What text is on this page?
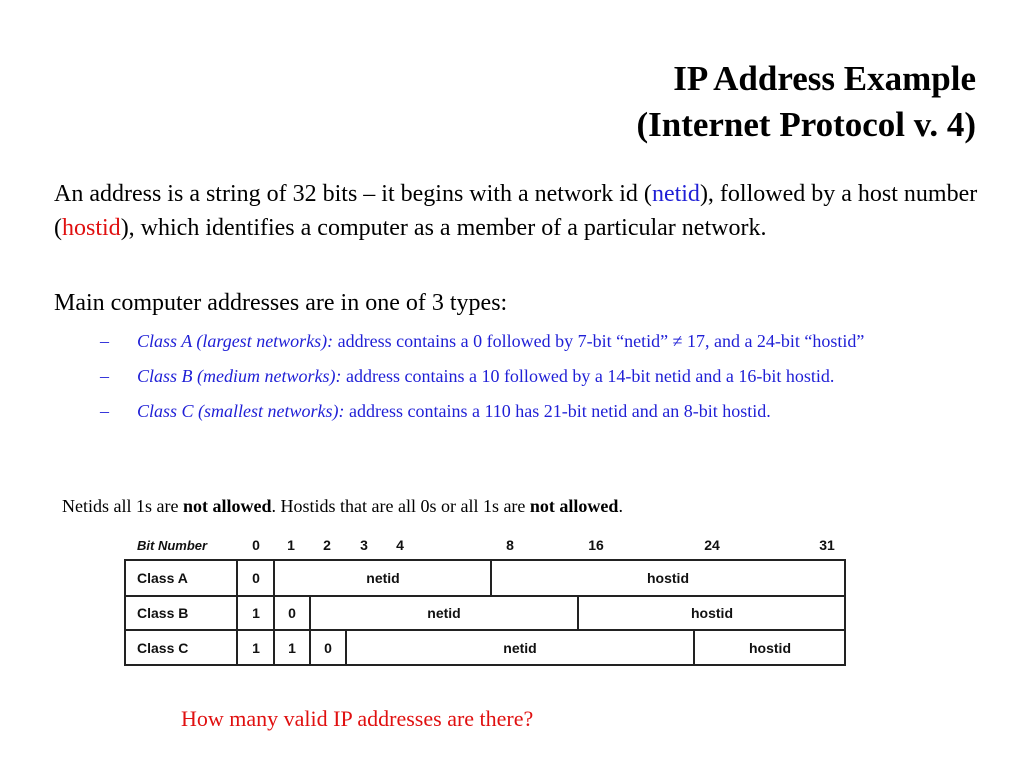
IP Address Example
(Internet Protocol v. 4)
An address is a string of 32 bits – it begins with a network id (netid), followed by a host number (hostid), which identifies a computer as a member of a particular network.
Main computer addresses are in one of 3 types:
– Class A (largest networks): address contains a 0 followed by 7-bit “netid” ≠ 17, and a 24-bit “hostid”
– Class B (medium networks): address contains a 10 followed by a 14-bit netid and a 16-bit hostid.
– Class C (smallest networks): address contains a 110 has 21-bit netid and an 8-bit hostid.
Netids all 1s are not allowed. Hostids that are all 0s or all 1s are not allowed.
Bit Number	0 1 2 3 4	8	16	24	31
Class A	0	netid	hostid
Class B	1 0	netid	hostid
Class C	1 1 0	netid	hostid
How many valid IP addresses are there?
